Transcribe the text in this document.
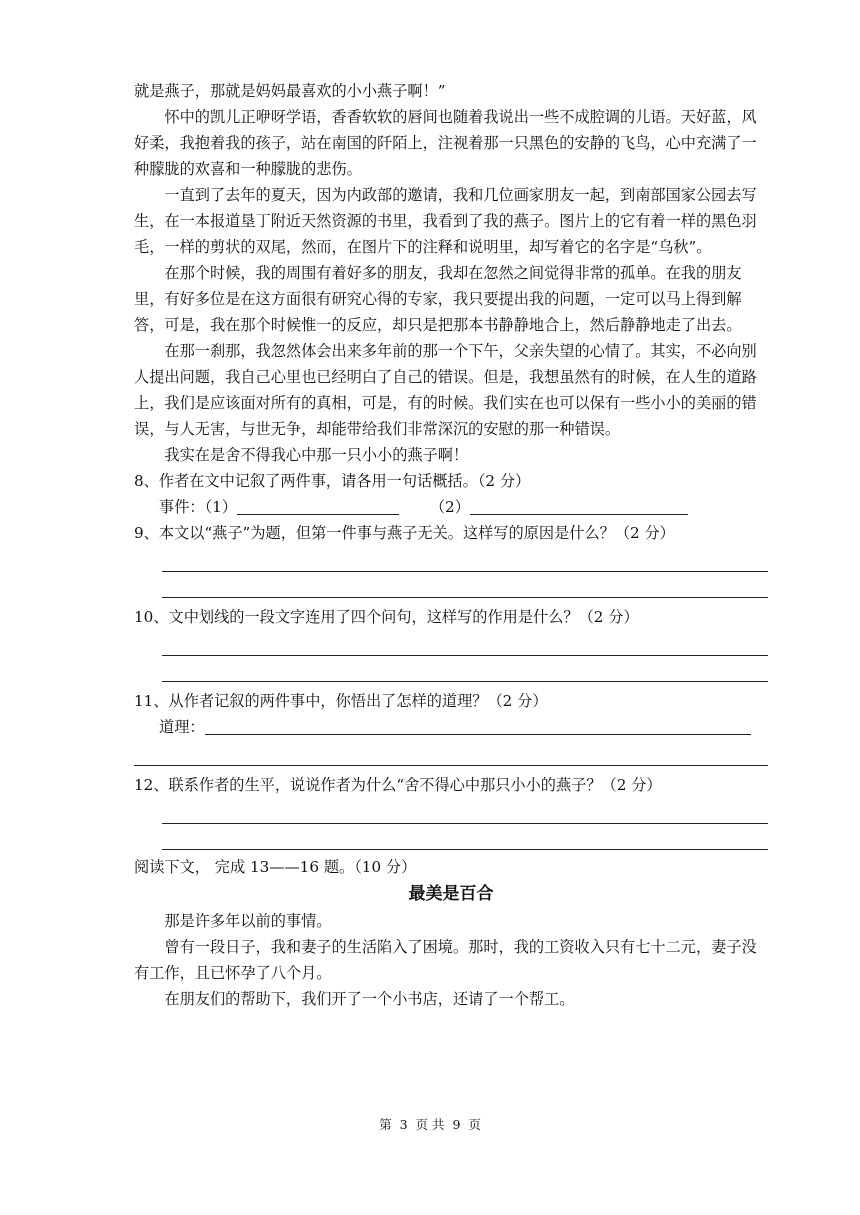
就是燕子，那就是妈妈最喜欢的小小燕子啊！”

怀中的凯儿正咿呀学语，香香软软的唇间也随着我说出一些不成腔调的儿语。天好蓝，风好柔，我抱着我的孩子，站在南国的阡陌上，注视着那一只黑色的安静的飞鸟，心中充满了一种朦胧的欢喜和一种朦胧的悲伤。

一直到了去年的夏天，因为内政部的邀请，我和几位画家朋友一起，到南部国家公园去写生，在一本报道垦丁附近天然资源的书里，我看到了我的燕子。图片上的它有着一样的黑色羽毛，一样的剪状的双尾，然而，在图片下的注释和说明里，却写着它的名字是“乌秋”。

在那个时候，我的周围有着好多的朋友，我却在忽然之间觉得非常的孤单。在我的朋友里，有好多位是在这方面很有研究心得的专家，我只要提出我的问题，一定可以马上得到解答，可是，我在那个时候惟一的反应，却只是把那本书静静地合上，然后静静地走了出去。

在那一刹那，我忽然体会出来多年前的那一个下午，父亲失望的心情了。其实，不必向别人提出问题，我自己心里也已经明白了自己的错误。但是，我想虽然有的时候，在人生的道路上，我们是应该面对所有的真相，可是，有的时候。我们实在也可以保有一些小小的美丽的错误，与人无害，与世无争，却能带给我们非常深沉的安慰的那一种错误。

我实在是舍不得我心中那一只小小的燕子啊！

8、作者在文中记叙了两件事，请各用一句话概括。（2 分）

事件：（1）	（2）

9、本文以“燕子”为题，但第一件事与燕子无关。这样写的原因是什么？（2 分）

10、文中划线的一段文字连用了四个问句，这样写的作用是什么？（2 分）

11、从作者记叙的两件事中，你悟出了怎样的道理？（2 分）

道理：

12、联系作者的生平，说说作者为什么“舍不得心中那只小小的燕子？（2 分）

阅读下文， 完成 13——16 题。（10 分）

最美是百合

那是许多年以前的事情。

曾有一段日子，我和妻子的生活陷入了困境。那时，我的工资收入只有七十二元，妻子没有工作，且已怀孕了八个月。

在朋友们的帮助下，我们开了一个小书店，还请了一个帮工。

第 3 页 共 9 页
